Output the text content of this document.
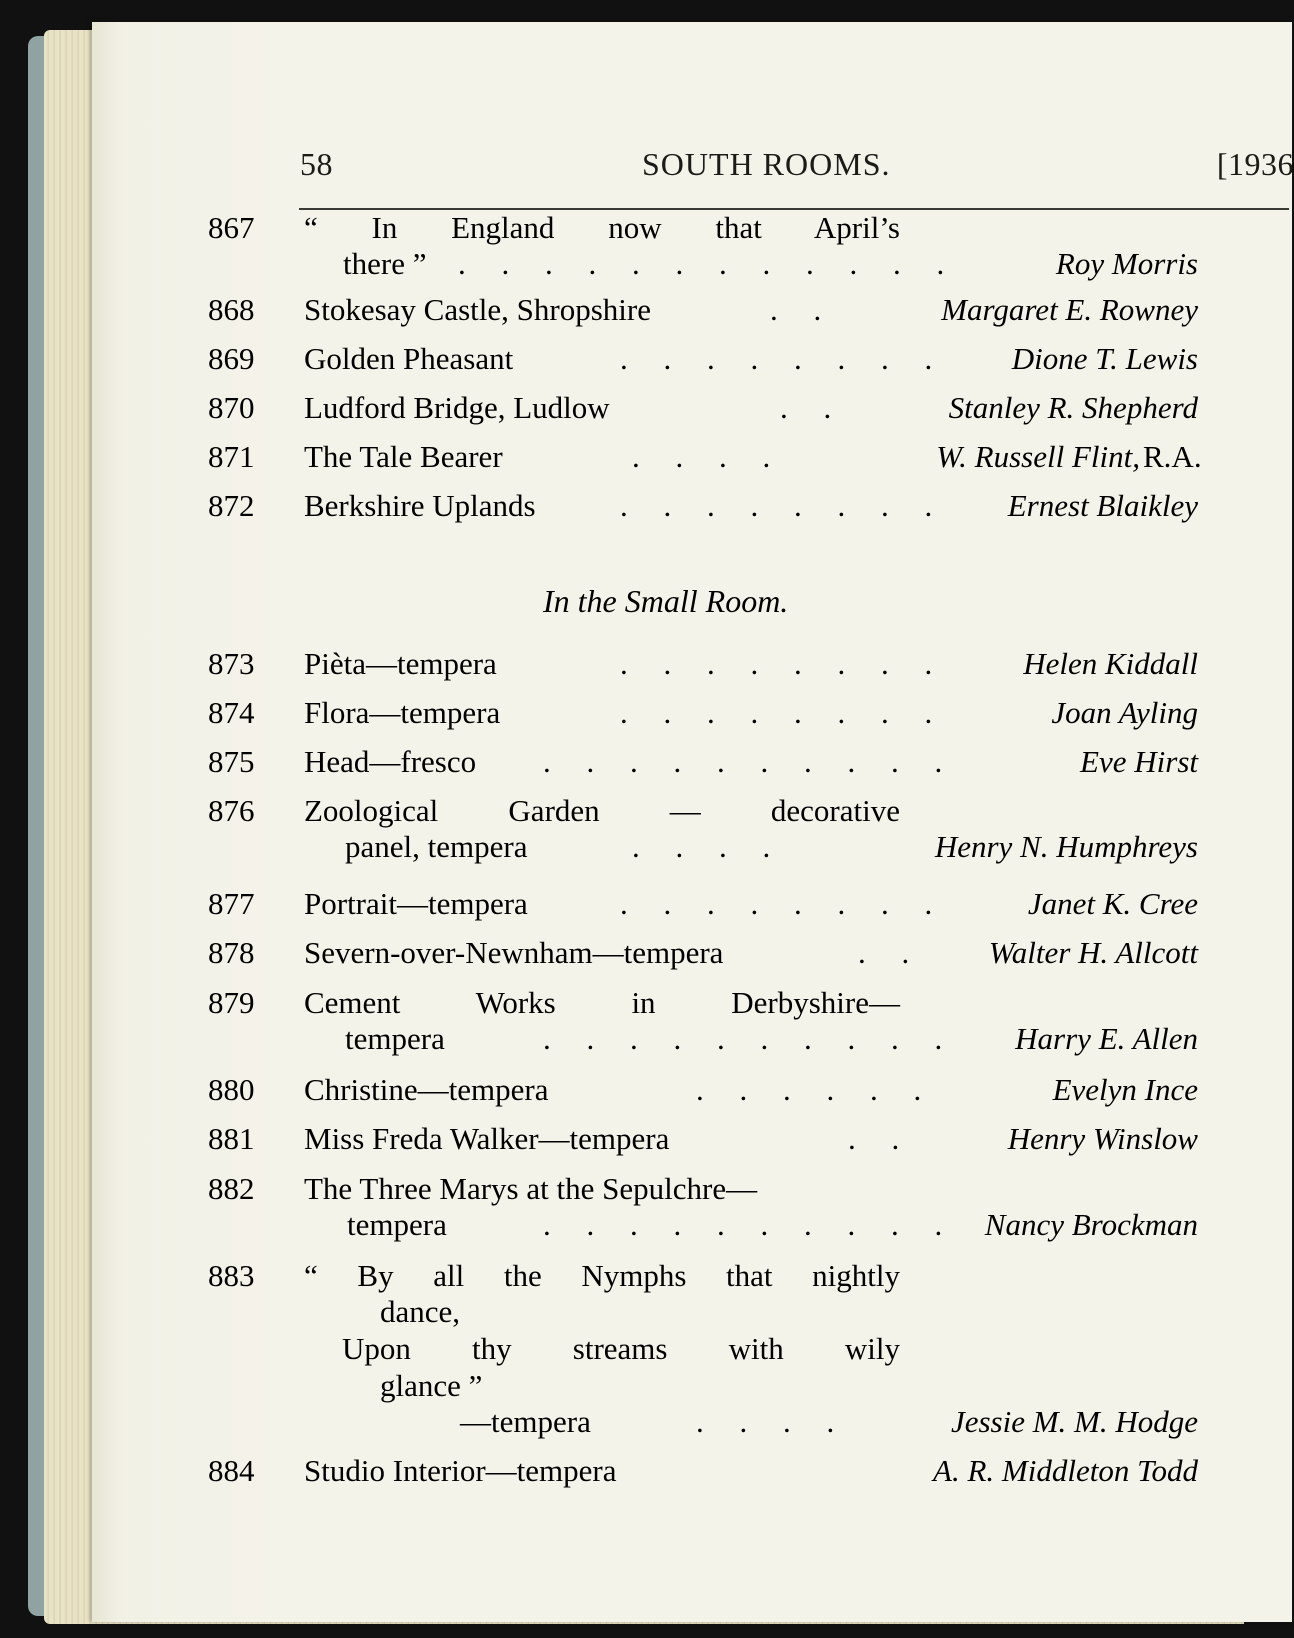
58	SOUTH ROOMS.	[1936
867 “ In England now that April’s
there ” . . . . . . . . . . . .	Roy Morris
868 Stokesay Castle, Shropshire	. .	Margaret E. Rowney
869 Golden Pheasant	. . . . . . . . Dione T. Lewis
870 Ludford Bridge, Ludlow	. .	Stanley R. Shepherd
871 The Tale Bearer	. . . .	W. Russell Flint, R.A.
872 Berkshire Uplands	. . . . . . . . Ernest Blaikley
In the Small Room.
873 Pièta—tempera	. . . . . . . . Helen Kiddall
874 Flora—tempera	. . . . . . . .	Joan Ayling
875 Head—fresco . . . . . . . . . .	Eve Hirst
876 Zoological Garden — decorative
panel, tempera	. . . .	Henry N. Humphreys
877 Portrait—tempera	. . . . . . . .	Janet K. Cree
878 Severn-over-Newnham—tempera	. . Walter H. Allcott
879 Cement Works in Derbyshire—
tempera	. . . . . . . . . . Harry E. Allen
880 Christine—tempera	. . . . . .	Evelyn Ince
881 Miss Freda Walker—tempera	. .	Henry Winslow
882 The Three Marys at the Sepulchre—
tempera	. . . . . . . . . . Nancy Brockman
883 “ By all the Nymphs that nightly
dance,
Upon thy streams with wily
glance ”
—tempera	. . . .	Jessie M. M. Hodge
884 Studio Interior—tempera	A. R. Middleton Todd
